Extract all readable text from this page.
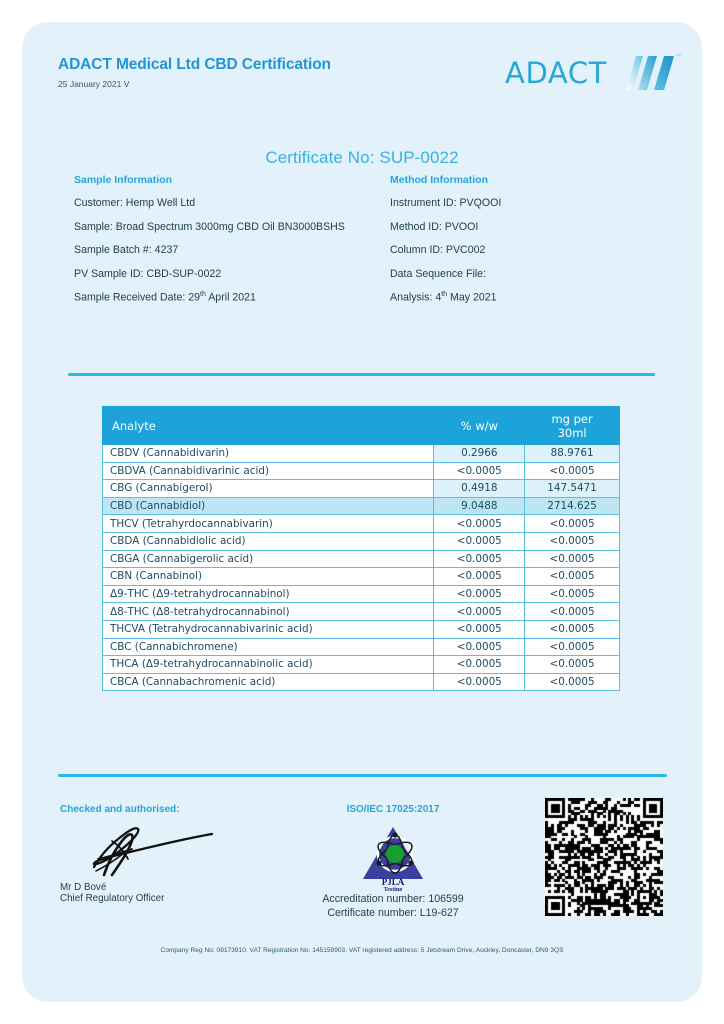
ADACT Medical Ltd CBD Certification
25 January 2021 V	ADACT	™
Certificate No: SUP-0022
Sample Information
Customer: Hemp Well Ltd
Sample: Broad Spectrum 3000mg CBD Oil BN3000BSHS
Sample Batch #: 4237
PV Sample ID: CBD-SUP-0022
Sample Received Date: 29th April 2021
Method Information
Instrument ID: PVQOOI
Method ID: PVOOI
Column ID: PVC002
Data Sequence File:
Analysis: 4th May 2021
Analyte	% w/w	mg per
30ml

CBDV (Cannabidivarin)	0.2966	88.9761
CBDVA (Cannabidivarinic acid)	<0.0005	<0.0005
CBG (Cannabigerol)	0.4918	147.5471
CBD (Cannabidiol)	9.0488	2714.625
THCV (Tetrahyrdocannabivarin)	<0.0005	<0.0005
CBDA (Cannabidiolic acid)	<0.0005	<0.0005
CBGA (Cannabigerolic acid)	<0.0005	<0.0005
CBN (Cannabinol)	<0.0005	<0.0005
Δ9-THC (Δ9-tetrahydrocannabinol)	<0.0005	<0.0005
Δ8-THC (Δ8-tetrahydrocannabinol)	<0.0005	<0.0005
THCVA (Tetrahydrocannabivarinic acid)	<0.0005	<0.0005
CBC (Cannabichromene)	<0.0005	<0.0005
THCA (Δ9-tetrahydrocannabinolic acid)	<0.0005	<0.0005
CBCA (Cannabachromenic acid)	<0.0005	<0.0005
Checked and authorised:
Mr D Bové
Chief Regulatory Officer
ISO/IEC 17025:2017
PJLA
Testing
Accreditation number: 106599
Certificate number: L19-627
Company Reg No: 08173910. VAT Registration No: 145159903. VAT registered address: 5 Jetstream Drive, Auckley, Doncaster, DN9 3QS
